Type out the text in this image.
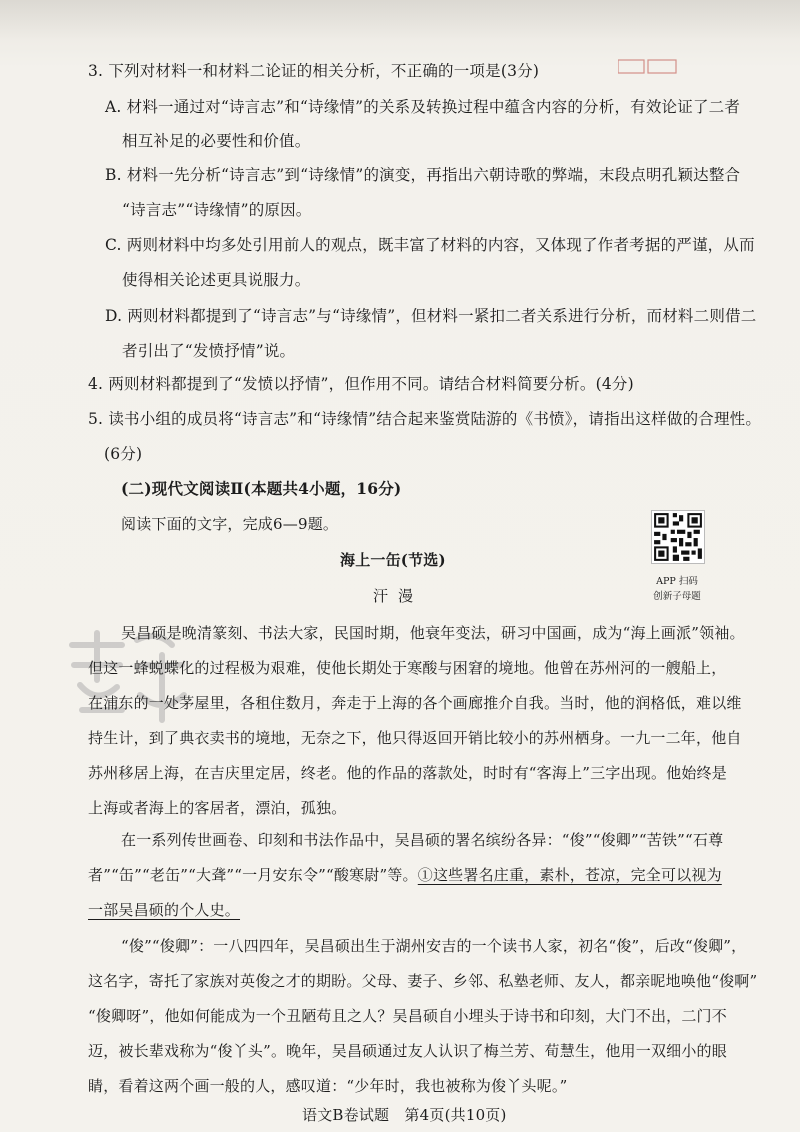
3. 下列对材料一和材料二论证的相关分析，不正确的一项是(3分)
A. 材料一通过对“诗言志”和“诗缘情”的关系及转换过程中蕴含内容的分析，有效论证了二者
相互补足的必要性和价值。
B. 材料一先分析“诗言志”到“诗缘情”的演变，再指出六朝诗歌的弊端，末段点明孔颖达整合
“诗言志”“诗缘情”的原因。
C. 两则材料中均多处引用前人的观点，既丰富了材料的内容，又体现了作者考据的严谨，从而
使得相关论述更具说服力。
D. 两则材料都提到了“诗言志”与“诗缘情”，但材料一紧扣二者关系进行分析，而材料二则借二
者引出了“发愤抒情”说。
4. 两则材料都提到了“发愤以抒情”，但作用不同。请结合材料简要分析。(4分)
5. 读书小组的成员将“诗言志”和“诗缘情”结合起来鉴赏陆游的《书愤》，请指出这样做的合理性。
(6分)
(二)现代文阅读Ⅱ(本题共4小题，16分)
阅读下面的文字，完成6—9题。
APP 扫码
创新子母题
海上一缶(节选)
汗漫
吴昌硕是晚清篆刻、书法大家，民国时期，他衰年变法，研习中国画，成为“海上画派”领袖。
但这一蜂蜕蝶化的过程极为艰难，使他长期处于寒酸与困窘的境地。他曾在苏州河的一艘船上，
在浦东的一处茅屋里，各租住数月，奔走于上海的各个画廊推介自我。当时，他的润格低，难以维
持生计，到了典衣卖书的境地，无奈之下，他只得返回开销比较小的苏州栖身。一九一二年，他自
苏州移居上海，在吉庆里定居，终老。他的作品的落款处，时时有“客海上”三字出现。他始终是
上海或者海上的客居者，漂泊，孤独。
在一系列传世画卷、印刻和书法作品中，吴昌硕的署名缤纷各异：“俊”“俊卿”“苦铁”“石尊
者”“缶”“老缶”“大聋”“一月安东令”“酸寒尉”等。①这些署名庄重，素朴，苍凉，完全可以视为
一部吴昌硕的个人史。
“俊”“俊卿”：一八四四年，吴昌硕出生于湖州安吉的一个读书人家，初名“俊”，后改“俊卿”，
这名字，寄托了家族对英俊之才的期盼。父母、妻子、乡邻、私塾老师、友人，都亲昵地唤他“俊啊”
“俊卿呀”，他如何能成为一个丑陋苟且之人？吴昌硕自小埋头于诗书和印刻，大门不出，二门不
迈，被长辈戏称为“俊丫头”。晚年，吴昌硕通过友人认识了梅兰芳、荀慧生，他用一双细小的眼
睛，看着这两个画一般的人，感叹道：“少年时，我也被称为俊丫头呢。”
语文B卷试题　第4页(共10页)
